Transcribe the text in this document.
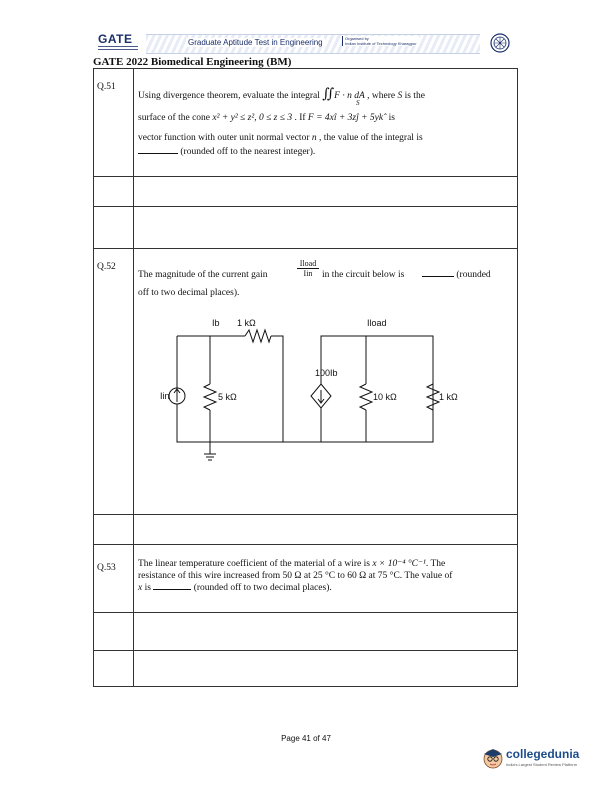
GATE	Graduate Aptitude Test in Engineering	Organised by
Indian Institute of Technology Kharagpur
GATE 2022 Biomedical Engineering (BM)
Q.51
Using divergence theorem, evaluate the integral ∬F · n dA , where S is the
S
surface of the cone x² + y² ≤ z², 0 ≤ z ≤ 3 . If F = 4xî + 3zĵ + 5ykˆ is
vector function with outer unit normal vector n , the value of the integral is
(rounded off to the nearest integer).
Q.52
The magnitude of the current gain
Iload
Iin	in the circuit below is	(rounded
off to two decimal places).
Ib 1 kΩ	Iload
Iin	5 kΩ
100Ib
10 kΩ	1 kΩ
Q.53 The linear temperature coefficient of the material of a wire is x × 10⁻⁴ °C⁻¹. The
resistance of this wire increased from 50 Ω at 25 °C to 60 Ω at 75 °C. The value of
x is	(rounded off to two decimal places).
Page 41 of 47
collegedunia
India's Largest Student Review Platform
